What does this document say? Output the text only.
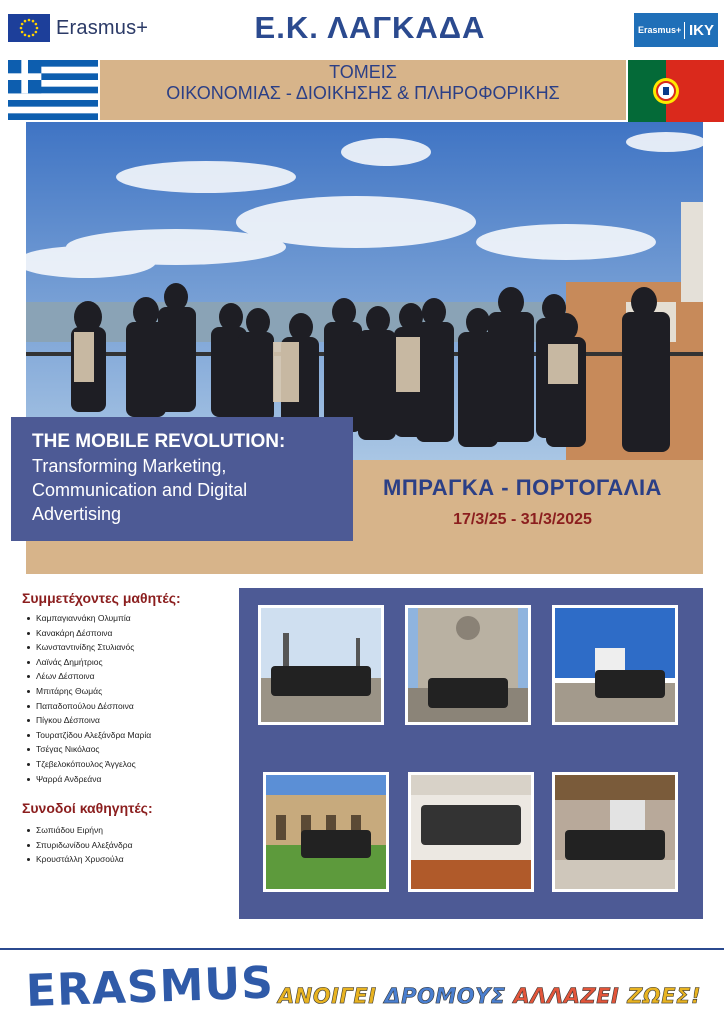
Erasmus+	Ε.Κ. ΛΑΓΚΑΔΑ	Erasmus+ IKY
ΤΟΜΕΙΣ
ΟΙΚΟΝΟΜΙΑΣ - ΔΙΟΙΚΗΣΗΣ & ΠΛΗΡΟΦΟΡΙΚΗΣ
THE MOBILE REVOLUTION:
Transforming Marketing,
Communication and Digital
Advertising
ΜΠΡΑΓΚΑ - ΠΟΡΤΟΓΑΛΙΑ
17/3/25 - 31/3/2025
Συμμετέχοντες μαθητές:
Καμπαγιαννάκη Ολυμπία
Κανακάρη Δέσποινα
Κωνσταντινίδης Στυλιανός
Λαϊνάς Δημήτριος
Λέων Δέσποινα
Μπιτάρης Θωμάς
Παπαδοπούλου Δέσποινα
Πίγκου Δέσποινα
Τουρατζίδου Αλεξάνδρα Μαρία
Τσέγας Νικόλαος
Τζεβελοκόπουλος Άγγελος
Ψαρρά Ανδρεάνα
Συνοδοί καθηγητές:
Σωπιάδου Ειρήνη
Σπυριδωνίδου Αλεξάνδρα
Κρουστάλλη Χρυσούλα
ERASMUS ΑΝΟΙΓΕΙ ΔΡΟΜΟΥΣ ΑΛΛΑΖΕΙ ΖΩΕΣ!
